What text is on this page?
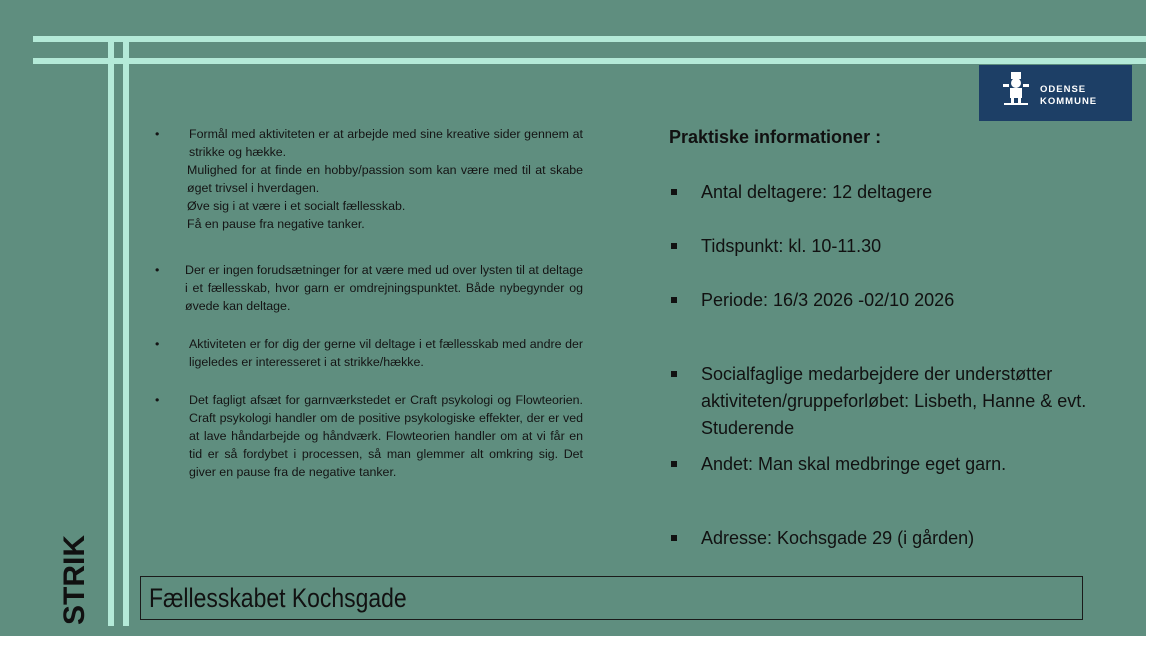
ODENSE
KOMMUNE
• Formål med aktiviteten er at arbejde med sine kreative sider gennem at strikke og hække.

Mulighed for at finde en hobby/passion som kan være med til at skabe øget trivsel i hverdagen.

Øve sig i at være i et socialt fællesskab.

Få en pause fra negative tanker.

• Der er ingen forudsætninger for at være med ud over lysten til at deltage i et fællesskab, hvor garn er omdrejningspunktet. Både nybegynder og øvede kan deltage.

• Aktiviteten er for dig der gerne vil deltage i et fællesskab med andre der ligeledes er interesseret i at strikke/hække.

• Det fagligt afsæt for garnværkstedet er Craft psykologi og Flowteorien. Craft psykologi handler om de positive psykologiske effekter, der er ved at lave håndarbejde og håndværk. Flowteorien handler om at vi får en tid er så fordybet i processen, så man glemmer alt omkring sig. Det giver en pause fra de negative tanker.

Praktiske informationer :
Antal deltagere: 12 deltagere
Tidspunkt: kl. 10-11.30
Periode: 16/3 2026 -02/10 2026
Socialfaglige medarbejdere der understøtter aktiviteten/gruppeforløbet: Lisbeth, Hanne & evt. Studerende
Andet: Man skal medbringe eget garn.
Adresse: Kochsgade 29 (i gården)
STRIK Fællesskabet Kochsgade
